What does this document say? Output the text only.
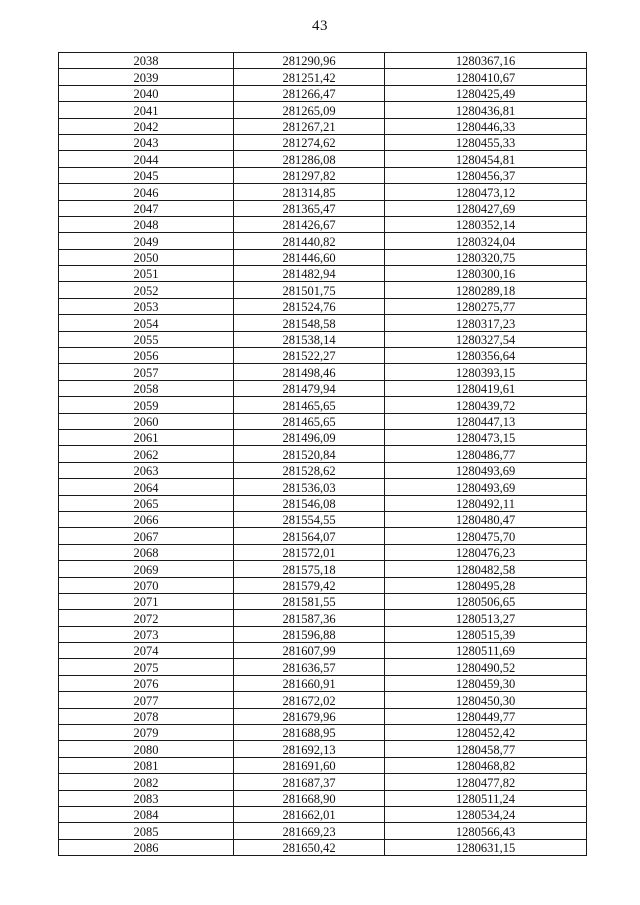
43
2038	281290,96	1280367,16
2039	281251,42	1280410,67
2040	281266,47	1280425,49
2041	281265,09	1280436,81
2042	281267,21	1280446,33
2043	281274,62	1280455,33
2044	281286,08	1280454,81
2045	281297,82	1280456,37
2046	281314,85	1280473,12
2047	281365,47	1280427,69
2048	281426,67	1280352,14
2049	281440,82	1280324,04
2050	281446,60	1280320,75
2051	281482,94	1280300,16
2052	281501,75	1280289,18
2053	281524,76	1280275,77
2054	281548,58	1280317,23
2055	281538,14	1280327,54
2056	281522,27	1280356,64
2057	281498,46	1280393,15
2058	281479,94	1280419,61
2059	281465,65	1280439,72
2060	281465,65	1280447,13
2061	281496,09	1280473,15
2062	281520,84	1280486,77
2063	281528,62	1280493,69
2064	281536,03	1280493,69
2065	281546,08	1280492,11
2066	281554,55	1280480,47
2067	281564,07	1280475,70
2068	281572,01	1280476,23
2069	281575,18	1280482,58
2070	281579,42	1280495,28
2071	281581,55	1280506,65
2072	281587,36	1280513,27
2073	281596,88	1280515,39
2074	281607,99	1280511,69
2075	281636,57	1280490,52
2076	281660,91	1280459,30
2077	281672,02	1280450,30
2078	281679,96	1280449,77
2079	281688,95	1280452,42
2080	281692,13	1280458,77
2081	281691,60	1280468,82
2082	281687,37	1280477,82
2083	281668,90	1280511,24
2084	281662,01	1280534,24
2085	281669,23	1280566,43
2086	281650,42	1280631,15
